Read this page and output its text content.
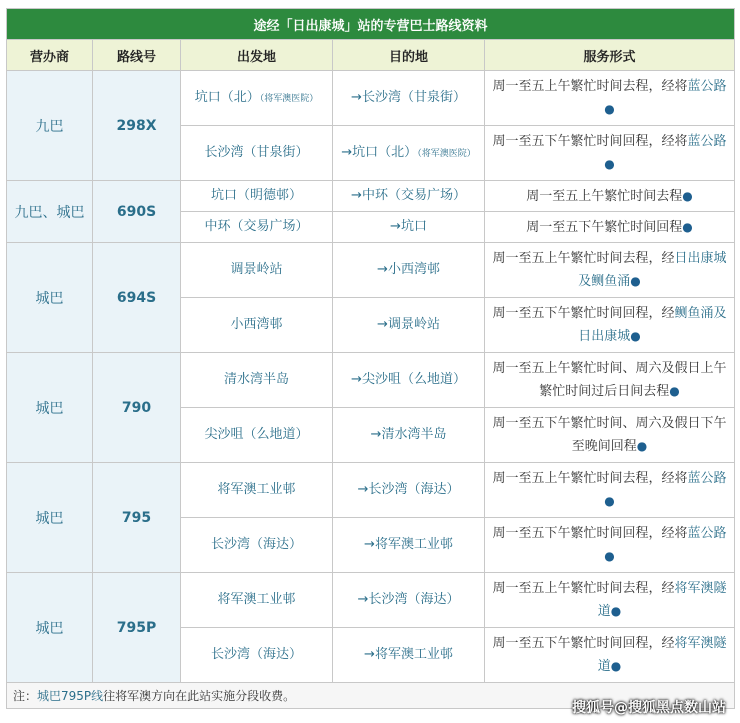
途经「日出康城」站的专营巴士路线资料				
营办商	路线号	出发地	目的地	服务形式
九巴	298X	坑口（北）（将军澳医院）	→长沙湾（甘泉街）	周一至五上午繁忙时间去程，经将蓝公路●
		长沙湾（甘泉街）	→坑口（北）（将军澳医院）	周一至五下午繁忙时间回程，经将蓝公路●
九巴、城巴	690S	坑口（明德邨）	→中环（交易广场）	周一至五上午繁忙时间去程●
		中环（交易广场）	→坑口	周一至五下午繁忙时间回程●
城巴	694S	调景岭站	→小西湾邨	周一至五上午繁忙时间去程，经日出康城及鲗鱼涌●
		小西湾邨	→调景岭站	周一至五下午繁忙时间回程，经鲗鱼涌及日出康城●
城巴	790	清水湾半岛	→尖沙咀（么地道）	周一至五上午繁忙时间、周六及假日上午繁忙时间过后日间去程●
		尖沙咀（么地道）	→清水湾半岛	周一至五下午繁忙时间、周六及假日下午至晚间回程●
城巴	795	将军澳工业邨	→长沙湾（海达）	周一至五上午繁忙时间去程，经将蓝公路●
		长沙湾（海达）	→将军澳工业邨	周一至五下午繁忙时间回程，经将蓝公路●
城巴	795P	将军澳工业邨	→长沙湾（海达）	周一至五上午繁忙时间去程，经将军澳隧道●
		长沙湾（海达）	→将军澳工业邨	周一至五下午繁忙时间回程，经将军澳隧道●
注：城巴795P线往将军澳方向在此站实施分段收费。				
搜狐号@搜狐黑点数山站
